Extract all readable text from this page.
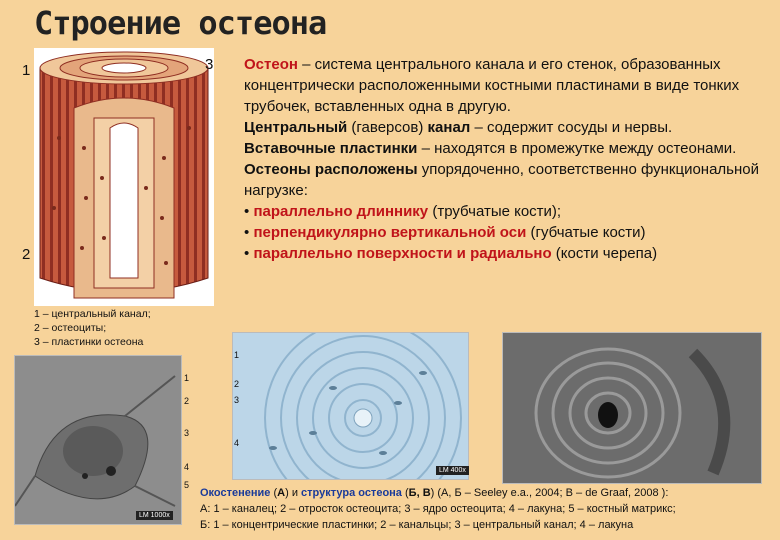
Строение остеона
1
2
3
1 – центральный канал;
2 – остеоциты;
3 – пластинки остеона

Остеон – система центрального канала и его стенок, образованных концентрически расположенными костными пластинами в виде тонких трубочек, вставленных одна в другую.

Центральный (гаверсов) канал – содержит сосуды и нервы.

Вставочные пластинки – находятся в промежутке между остеонами.

Остеоны расположены упорядоченно, соответственно функциональной нагрузке:

• параллельно длиннику (трубчатые кости);

• перпендикулярно вертикальной оси (губчатые кости)

• параллельно поверхности и радиально (кости черепа)

LM 1000x
1
2
3
4
5
LM 400x
1
2
3
4

Окостенение (А) и структура остеона (Б, В) (А, Б – Seeley e.a., 2004; В – de Graaf, 2008 ):

А: 1 – каналец; 2 – отросток остеоцита; 3 – ядро остеоцита; 4 – лакуна; 5 – костный матрикс;

Б: 1 – концентрические пластинки; 2 – канальцы; 3 – центральный канал; 4 – лакуна
